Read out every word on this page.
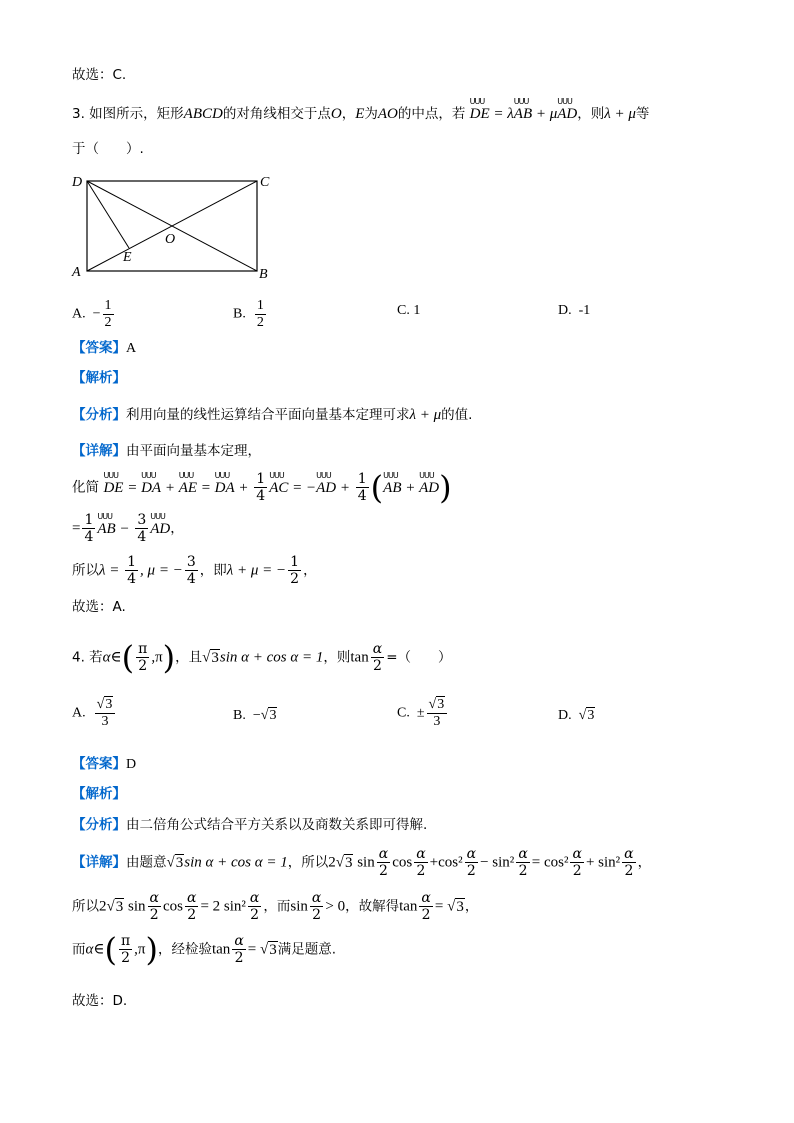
故选：C.
3. 如图所示，矩形ABCD的对角线相交于点O，E为AO的中点，若 ꓴꓴꓴ DE = λꓴꓴꓴ AB + μꓴꓴꓴ AD，则λ + μ等
于（　　）.
D	C
O
A
E
B
A. − $\frac{1}{2}$	B. $\frac{1}{2}$	C. 1	D. -1
【答案】A
【解析】
【分析】利用向量的线性运算结合平面向量基本定理可求λ + μ的值.
【详解】由平面向量基本定理，
化简 ꓴꓴꓴ DE = ꓴꓴꓴ DA + ꓴꓴꓴ AE = ꓴꓴꓴ DA + $\frac{1}{4}$ ꓴꓴꓴ AC = −ꓴꓴꓴ AD + $\frac{1}{4}$ (ꓴꓴꓴ AB + ꓴꓴꓴ AD)
= $\frac{1}{4}$ ꓴꓴꓴ AB − $\frac{3}{4}$ ꓴꓴꓴ AD，
所以$\lambda = \frac{1}{4}$ , μ = − $\frac{3}{4}$ ，即λ + μ = − $\frac{1}{2}$ ，
故选：A.
4. 若α∈( $\frac{\pi}{2} ,\pi$)，且√3sin α + cos α = 1，则$\tan \frac{\alpha}{2}$ =（　　）
A. $\frac{√3}{3}$	B.  −√3	C.  ± $\frac{√3}{3}$	D.  √3
【答案】D
【解析】
【分析】由二倍角公式结合平方关系以及商数关系即可得解.
【详解】由题意√3sin α + cos α = 1，所以2√3 $\sin \frac{\alpha}{2}$ $\cos \frac{\alpha}{2} +\cos^2 \frac{\alpha}{2} - \sin^2 \frac{\alpha}{2} = \cos^2 \frac{\alpha}{2} + \sin^2 \frac{\alpha}{2}$ ，
所以2√3 $\sin \frac{\alpha}{2}$ $\cos \frac{\alpha}{2} = 2$ $\sin^2 \frac{\alpha}{2}$ ，而$\sin \frac{\alpha}{2} > 0$，故解得$\tan \frac{\alpha}{2} = √3$，
而α∈( $\frac{\pi}{2} ,\pi$)，经检验$\tan \frac{\alpha}{2} = √3$满足题意.
故选：D.
